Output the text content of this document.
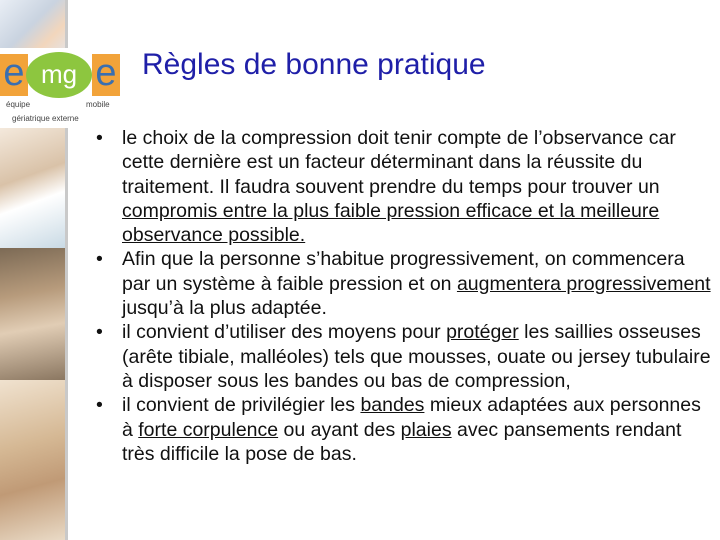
e mg e
équipe	mobile
gériatrique externe
Règles de bonne pratique
• le choix de la compression doit tenir compte de l’observance car cette dernière est un facteur déterminant dans la réussite du traitement. Il faudra souvent prendre du temps pour trouver un compromis entre la plus faible pression efficace et la meilleure observance possible.
• Afin que la personne s’habitue progressivement, on commencera par un système à faible pression et on augmentera progressivement jusqu’à la plus adaptée.
• il convient d’utiliser des moyens pour protéger les saillies osseuses (arête tibiale, malléoles) tels que mousses, ouate ou jersey tubulaire à disposer sous les bandes ou bas de compression,
• il convient de privilégier les bandes mieux adaptées aux personnes à forte corpulence ou ayant des plaies avec pansements rendant très difficile la pose de bas.
